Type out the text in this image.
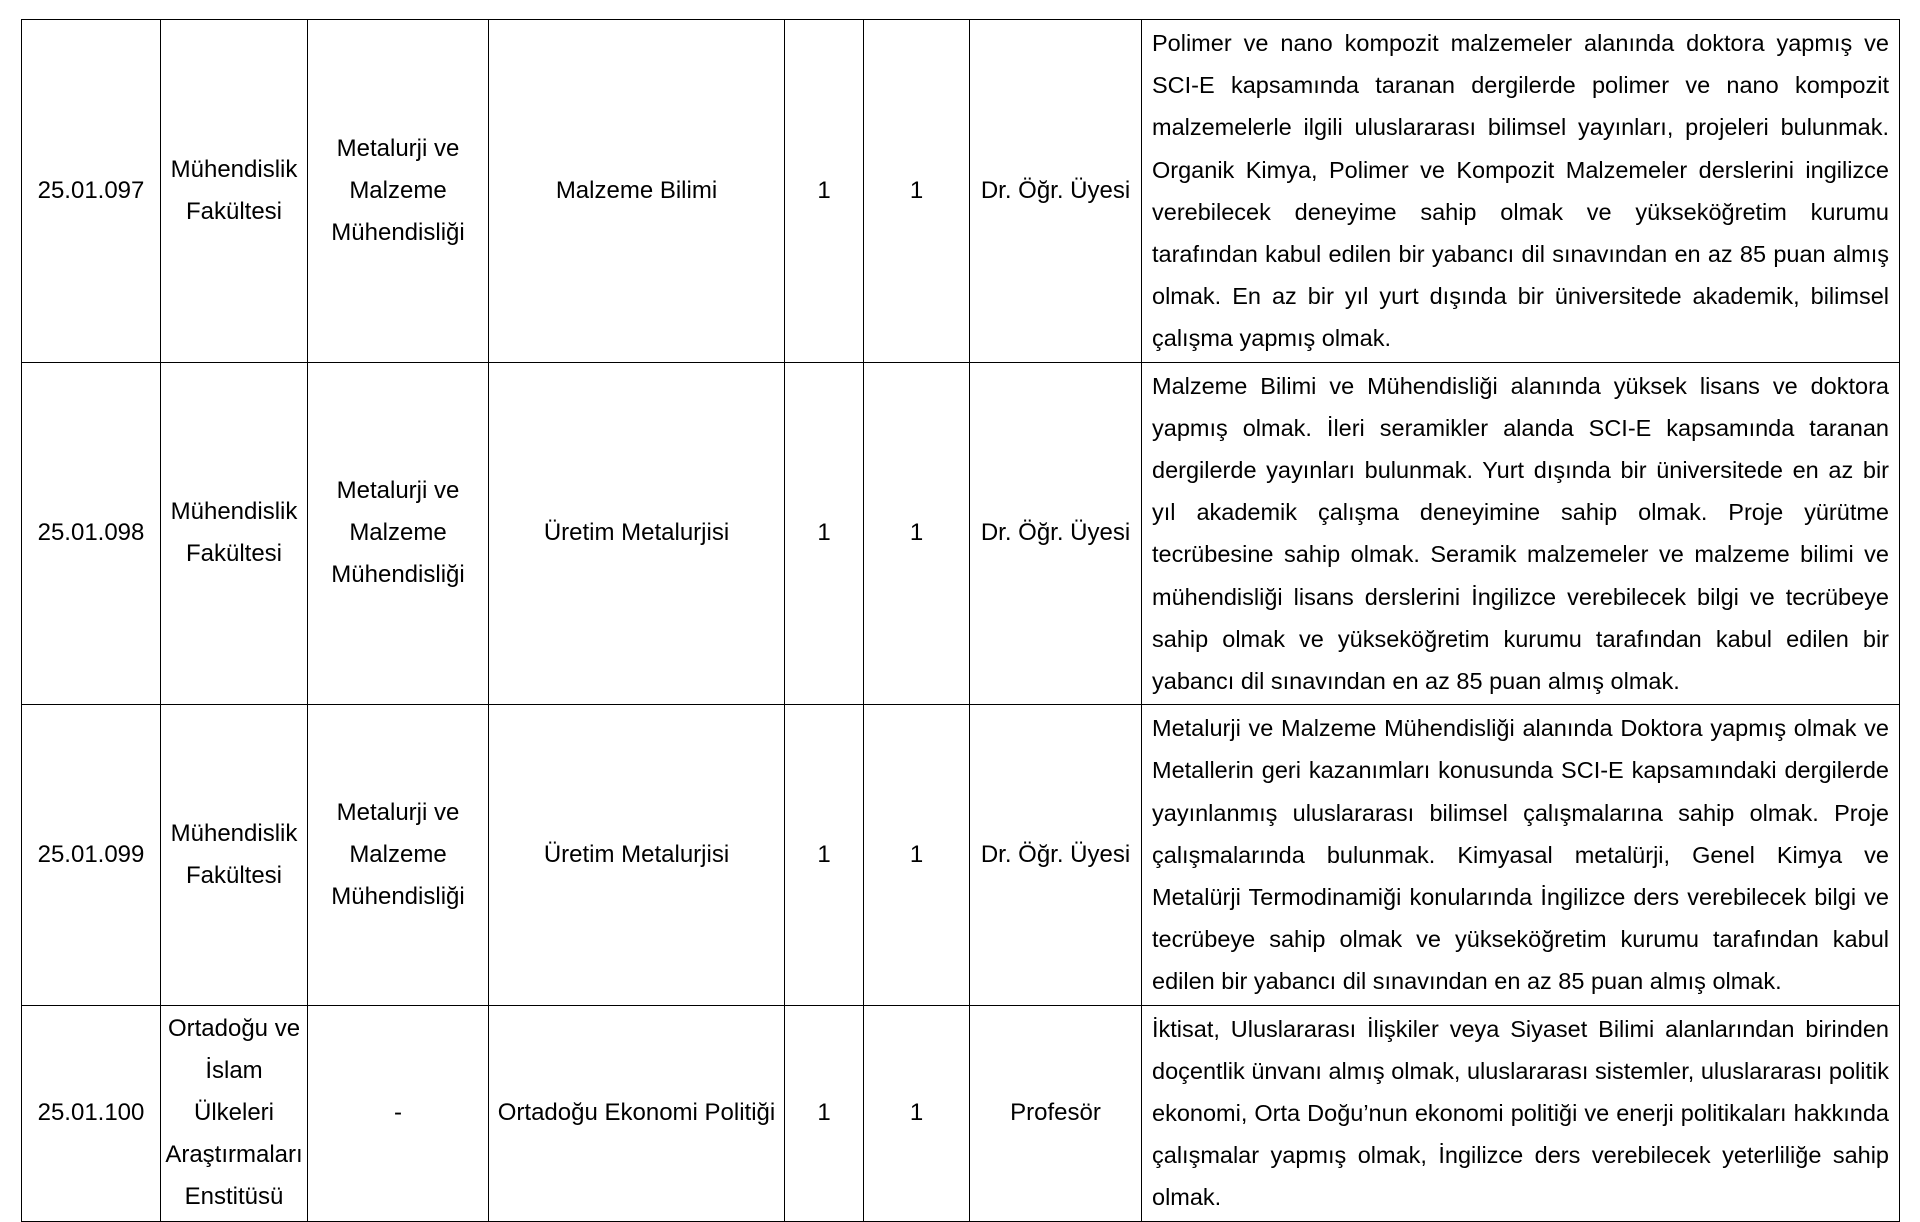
25.01.097	Mühendislik Fakültesi	Metalurji ve Malzeme Mühendisliği	Malzeme Bilimi	1	1	Dr. Öğr. Üyesi	Polimer ve nano kompozit malzemeler alanında doktora yapmış ve SCI-E kapsamında taranan dergilerde polimer ve nano kompozit malzemelerle ilgili uluslararası bilimsel yayınları, projeleri bulunmak. Organik Kimya, Polimer ve Kompozit Malzemeler derslerini ingilizce verebilecek deneyime sahip olmak ve yükseköğretim kurumu tarafından kabul edilen bir yabancı dil sınavından en az 85 puan almış olmak. En az bir yıl yurt dışında bir üniversitede akademik, bilimsel çalışma yapmış olmak.
25.01.098	Mühendislik Fakültesi	Metalurji ve Malzeme Mühendisliği	Üretim Metalurjisi	1	1	Dr. Öğr. Üyesi	Malzeme Bilimi ve Mühendisliği alanında yüksek lisans ve doktora yapmış olmak. İleri seramikler alanda SCI-E kapsamında taranan dergilerde yayınları bulunmak. Yurt dışında bir üniversitede en az bir yıl akademik çalışma deneyimine sahip olmak. Proje yürütme tecrübesine sahip olmak. Seramik malzemeler ve malzeme bilimi ve mühendisliği lisans derslerini İngilizce verebilecek bilgi ve tecrübeye sahip olmak ve yükseköğretim kurumu tarafından kabul edilen bir yabancı dil sınavından en az 85 puan almış olmak.
25.01.099	Mühendislik Fakültesi	Metalurji ve Malzeme Mühendisliği	Üretim Metalurjisi	1	1	Dr. Öğr. Üyesi	Metalurji ve Malzeme Mühendisliği alanında Doktora yapmış olmak ve Metallerin geri kazanımları konusunda SCI-E kapsamındaki dergilerde yayınlanmış uluslararası bilimsel çalışmalarına sahip olmak. Proje çalışmalarında bulunmak. Kimyasal metalürji, Genel Kimya ve Metalürji Termodinamiği konularında İngilizce ders verebilecek bilgi ve tecrübeye sahip olmak ve yükseköğretim kurumu tarafından kabul edilen bir yabancı dil sınavından en az 85 puan almış olmak.
25.01.100	Ortadoğu ve İslam Ülkeleri Araştırmaları Enstitüsü	-	Ortadoğu Ekonomi Politiği	1	1	Profesör	İktisat, Uluslararası İlişkiler veya Siyaset Bilimi alanlarından birinden doçentlik ünvanı almış olmak, uluslararası sistemler, uluslararası politik ekonomi, Orta Doğu’nun ekonomi politiği ve enerji politikaları hakkında çalışmalar yapmış olmak, İngilizce ders verebilecek yeterliliğe sahip olmak.
